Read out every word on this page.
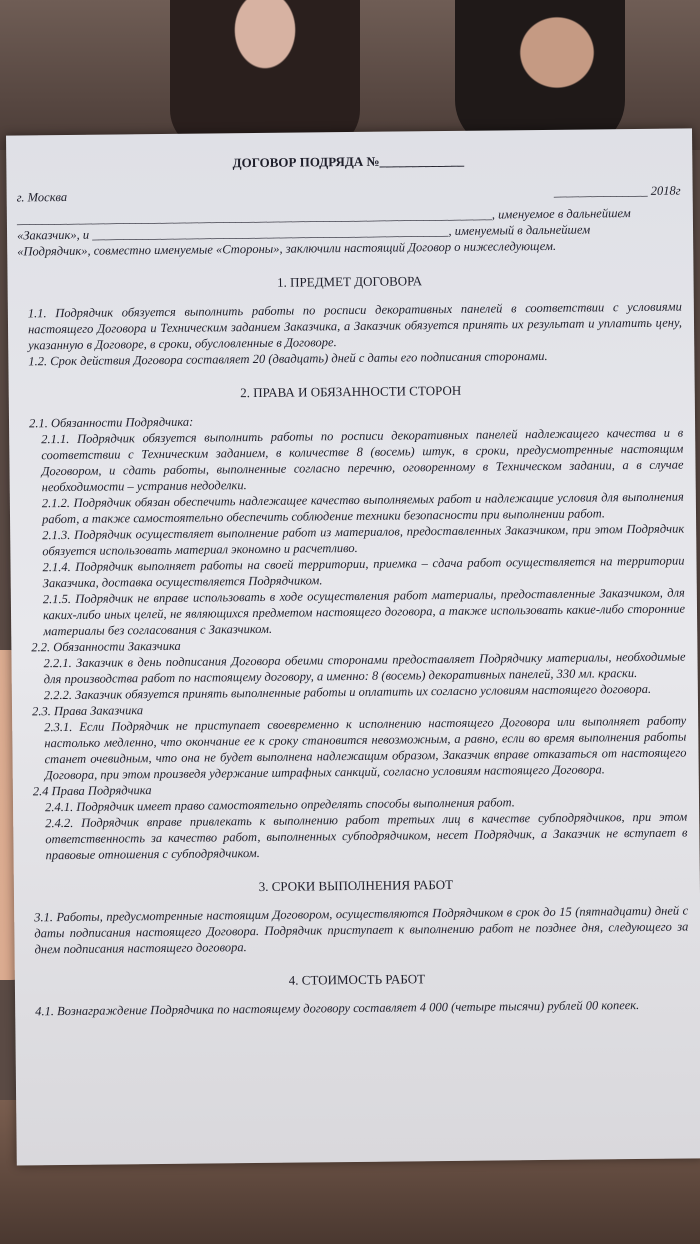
ДОГОВОР ПОДРЯДА №_____________
г. Москва	_______________ 2018г

____________________________________________________________________________, именуемое в дальнейшем

«Заказчик», и _________________________________________________________, именуемый в дальнейшем

«Подрядчик», совместно именуемые «Стороны», заключили настоящий Договор о нижеследующем.

1. ПРЕДМЕТ ДОГОВОРА

1.1. Подрядчик обязуется выполнить работы по росписи декоративных панелей в соответствии с условиями настоящего Договора и Техническим заданием Заказчика, а Заказчик обязуется принять их результат и уплатить цену, указанную в Договоре, в сроки, обусловленные в Договоре.

1.2. Срок действия Договора составляет 20 (двадцать) дней с даты его подписания сторонами.

2. ПРАВА И ОБЯЗАННОСТИ СТОРОН

2.1. Обязанности Подрядчика:

2.1.1. Подрядчик обязуется выполнить работы по росписи декоративных панелей надлежащего качества и в соответствии с Техническим заданием, в количестве 8 (восемь) штук, в сроки, предусмотренные настоящим Договором, и сдать работы, выполненные согласно перечню, оговоренному в Техническом задании, а в случае необходимости – устранив недоделки.

2.1.2. Подрядчик обязан обеспечить надлежащее качество выполняемых работ и надлежащие условия для выполнения работ, а также самостоятельно обеспечить соблюдение техники безопасности при выполнении работ.

2.1.3. Подрядчик осуществляет выполнение работ из материалов, предоставленных Заказчиком, при этом Подрядчик обязуется использовать материал экономно и расчетливо.

2.1.4. Подрядчик выполняет работы на своей территории, приемка – сдача работ осуществляется на территории Заказчика, доставка осуществляется Подрядчиком.

2.1.5. Подрядчик не вправе использовать в ходе осуществления работ материалы, предоставленные Заказчиком, для каких-либо иных целей, не являющихся предметом настоящего договора, а также использовать какие-либо сторонние материалы без согласования с Заказчиком.

2.2. Обязанности Заказчика

2.2.1. Заказчик в день подписания Договора обеими сторонами предоставляет Подрядчику материалы, необходимые для производства работ по настоящему договору, а именно: 8 (восемь) декоративных панелей, 330 мл. краски.

2.2.2. Заказчик обязуется принять выполненные работы и оплатить их согласно условиям настоящего договора.

2.3. Права Заказчика

2.3.1. Если Подрядчик не приступает своевременно к исполнению настоящего Договора или выполняет работу настолько медленно, что окончание ее к сроку становится невозможным, а равно, если во время выполнения работы станет очевидным, что она не будет выполнена надлежащим образом, Заказчик вправе отказаться от настоящего Договора, при этом произведя удержание штрафных санкций, согласно условиям настоящего Договора.

2.4 Права Подрядчика

2.4.1. Подрядчик имеет право самостоятельно определять способы выполнения работ.

2.4.2. Подрядчик вправе привлекать к выполнению работ третьих лиц в качестве субподрядчиков, при этом ответственность за качество работ, выполненных субподрядчиком, несет Подрядчик, а Заказчик не вступает в правовые отношения с субподрядчиком.

3. СРОКИ ВЫПОЛНЕНИЯ РАБОТ

3.1. Работы, предусмотренные настоящим Договором, осуществляются Подрядчиком в срок до 15 (пятнадцати) дней с даты подписания настоящего Договора. Подрядчик приступает к выполнению работ не позднее дня, следующего за днем подписания настоящего договора.

4. СТОИМОСТЬ РАБОТ

4.1. Вознаграждение Подрядчика по настоящему договору составляет 4 000 (четыре тысячи) рублей 00 копеек.
